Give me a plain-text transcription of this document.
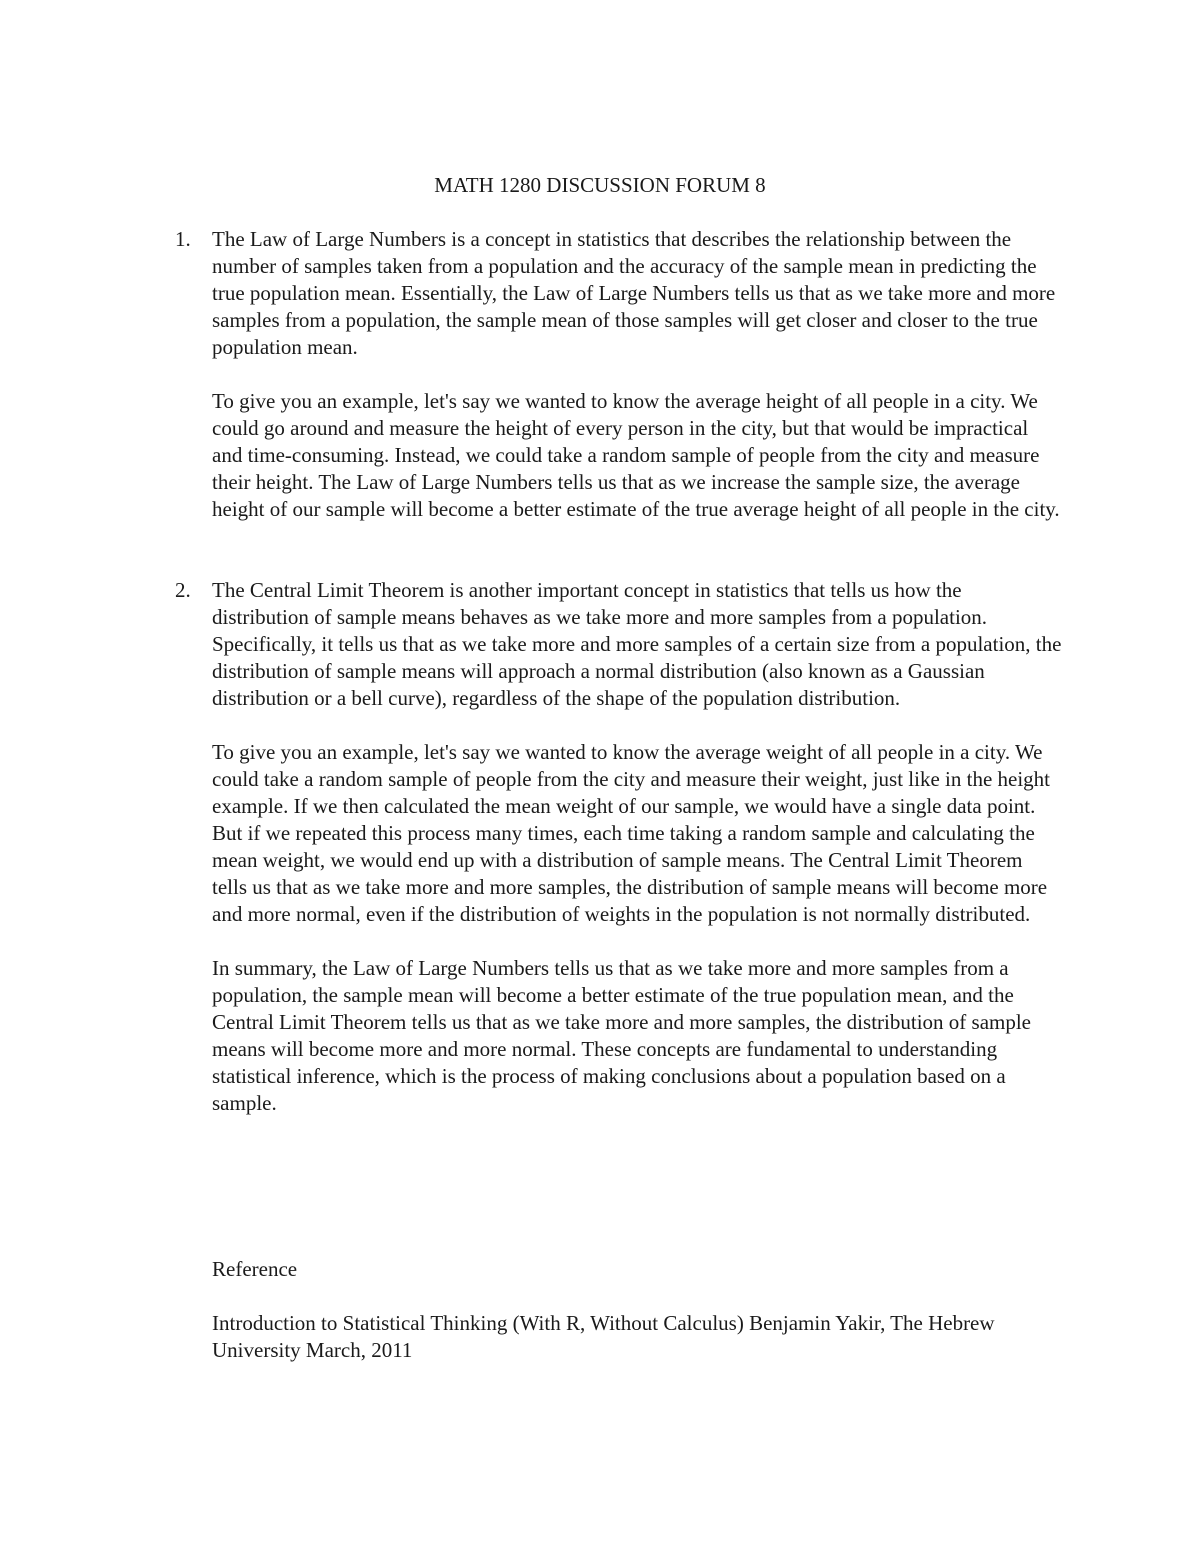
MATH 1280 DISCUSSION FORUM 8
1.	The Law of Large Numbers is a concept in statistics that describes the relationship between the number of samples taken from a population and the accuracy of the sample mean in predicting the true population mean. Essentially, the Law of Large Numbers tells us that as we take more and more samples from a population, the sample mean of those samples will get closer and closer to the true population mean.

To give you an example, let's say we wanted to know the average height of all people in a city. We could go around and measure the height of every person in the city, but that would be impractical and time-consuming. Instead, we could take a random sample of people from the city and measure their height. The Law of Large Numbers tells us that as we increase the sample size, the average height of our sample will become a better estimate of the true average height of all people in the city.

2.	The Central Limit Theorem is another important concept in statistics that tells us how the distribution of sample means behaves as we take more and more samples from a population. Specifically, it tells us that as we take more and more samples of a certain size from a population, the distribution of sample means will approach a normal distribution (also known as a Gaussian distribution or a bell curve), regardless of the shape of the population distribution.

To give you an example, let's say we wanted to know the average weight of all people in a city. We could take a random sample of people from the city and measure their weight, just like in the height example. If we then calculated the mean weight of our sample, we would have a single data point. But if we repeated this process many times, each time taking a random sample and calculating the mean weight, we would end up with a distribution of sample means. The Central Limit Theorem tells us that as we take more and more samples, the distribution of sample means will become more and more normal, even if the distribution of weights in the population is not normally distributed.

In summary, the Law of Large Numbers tells us that as we take more and more samples from a population, the sample mean will become a better estimate of the true population mean, and the Central Limit Theorem tells us that as we take more and more samples, the distribution of sample means will become more and more normal. These concepts are fundamental to understanding statistical inference, which is the process of making conclusions about a population based on a sample.

Reference

Introduction to Statistical Thinking (With R, Without Calculus) Benjamin Yakir, The Hebrew University March, 2011
